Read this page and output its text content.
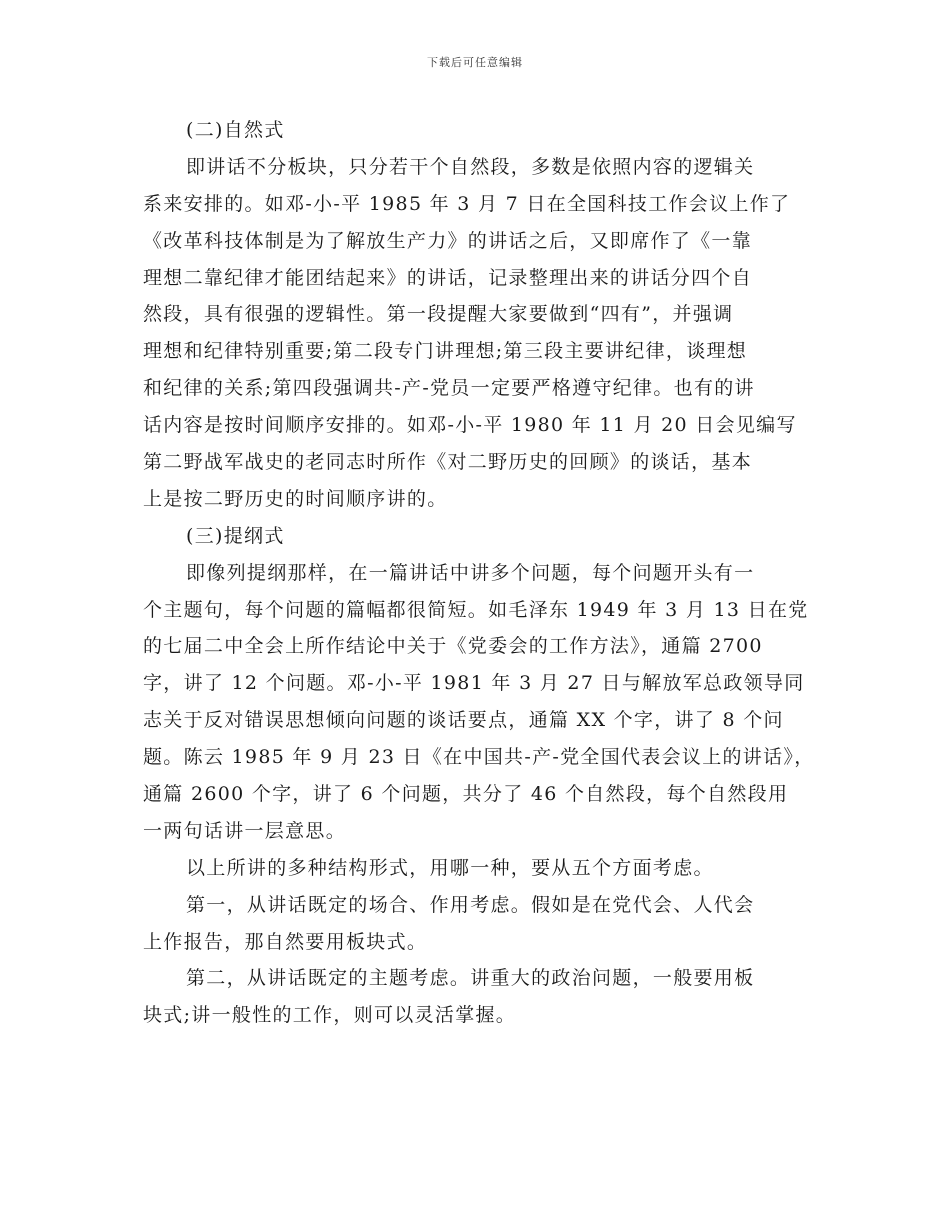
下载后可任意编辑
(二)自然式
即讲话不分板块，只分若干个自然段，多数是依照内容的逻辑关
系来安排的。如邓-小-平 1985 年 3 月 7 日在全国科技工作会议上作了
《改革科技体制是为了解放生产力》的讲话之后，又即席作了《一靠
理想二靠纪律才能团结起来》的讲话，记录整理出来的讲话分四个自
然段，具有很强的逻辑性。第一段提醒大家要做到“四有”，并强调
理想和纪律特别重要;第二段专门讲理想;第三段主要讲纪律，谈理想
和纪律的关系;第四段强调共-产-党员一定要严格遵守纪律。也有的讲
话内容是按时间顺序安排的。如邓-小-平 1980 年 11 月 20 日会见编写
第二野战军战史的老同志时所作《对二野历史的回顾》的谈话，基本
上是按二野历史的时间顺序讲的。
(三)提纲式
即像列提纲那样，在一篇讲话中讲多个问题，每个问题开头有一
个主题句，每个问题的篇幅都很简短。如毛泽东 1949 年 3 月 13 日在党
的七届二中全会上所作结论中关于《党委会的工作方法》，通篇 2700
字，讲了 12 个问题。邓-小-平 1981 年 3 月 27 日与解放军总政领导同
志关于反对错误思想倾向问题的谈话要点，通篇 XX 个字，讲了 8 个问
题。陈云 1985 年 9 月 23 日《在中国共-产-党全国代表会议上的讲话》，
通篇 2600 个字，讲了 6 个问题，共分了 46 个自然段，每个自然段用
一两句话讲一层意思。
以上所讲的多种结构形式，用哪一种，要从五个方面考虑。
第一，从讲话既定的场合、作用考虑。假如是在党代会、人代会
上作报告，那自然要用板块式。
第二，从讲话既定的主题考虑。讲重大的政治问题，一般要用板
块式;讲一般性的工作，则可以灵活掌握。
